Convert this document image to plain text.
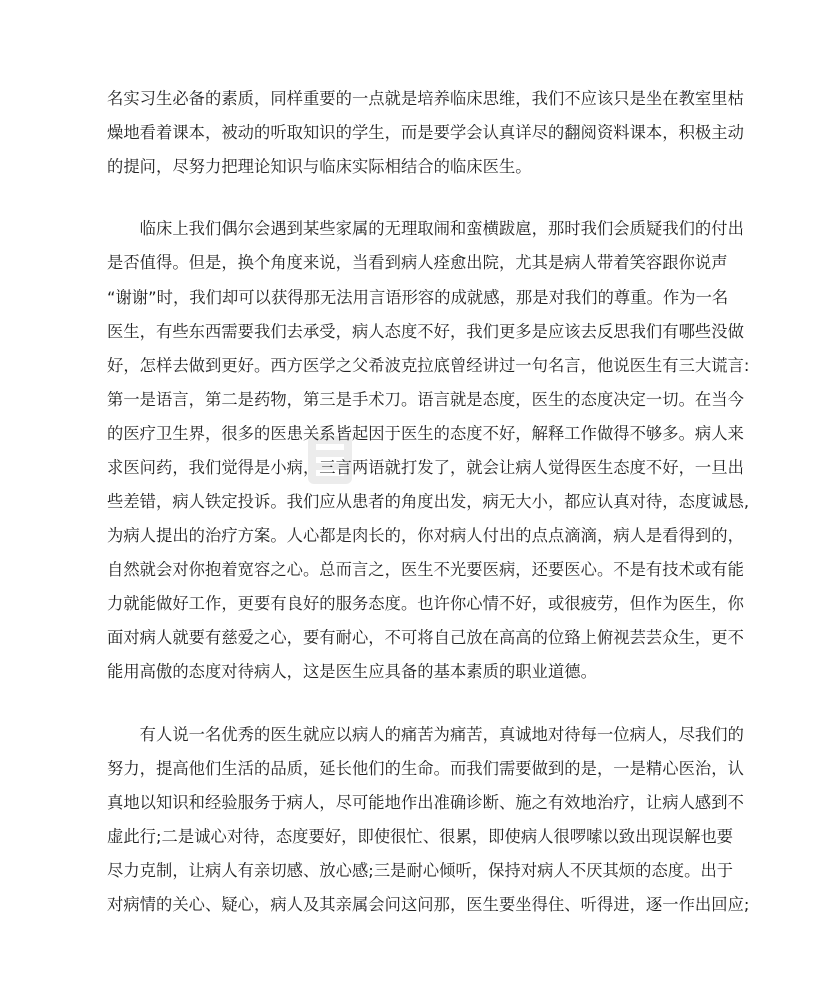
名实习生必备的素质，同样重要的一点就是培养临床思维，我们不应该只是坐在教室里枯
燥地看着课本，被动的听取知识的学生，而是要学会认真详尽的翻阅资料课本，积极主动
的提问，尽努力把理论知识与临床实际相结合的临床医生。
　　临床上我们偶尔会遇到某些家属的无理取闹和蛮横跋扈，那时我们会质疑我们的付出
是否值得。但是，换个角度来说，当看到病人痊愈出院，尤其是病人带着笑容跟你说声
“谢谢”时，我们却可以获得那无法用言语形容的成就感，那是对我们的尊重。作为一名
医生，有些东西需要我们去承受，病人态度不好，我们更多是应该去反思我们有哪些没做
好，怎样去做到更好。西方医学之父希波克拉底曾经讲过一句名言，他说医生有三大谎言:
第一是语言，第二是药物，第三是手术刀。语言就是态度，医生的态度决定一切。在当今
的医疗卫生界，很多的医患关系皆起因于医生的态度不好，解释工作做得不够多。病人来
求医问药，我们觉得是小病，三言两语就打发了，就会让病人觉得医生态度不好，一旦出
些差错，病人铁定投诉。我们应从患者的角度出发，病无大小，都应认真对待，态度诚恳,
为病人提出的治疗方案。人心都是肉长的，你对病人付出的点点滴滴，病人是看得到的，
自然就会对你抱着宽容之心。总而言之，医生不光要医病，还要医心。不是有技术或有能
力就能做好工作，更要有良好的服务态度。也许你心情不好，或很疲劳，但作为医生，你
面对病人就要有慈爱之心，要有耐心，不可将自己放在高高的位臵上俯视芸芸众生，更不
能用高傲的态度对待病人，这是医生应具备的基本素质的职业道德。
　　有人说一名优秀的医生就应以病人的痛苦为痛苦，真诚地对待每一位病人，尽我们的
努力，提高他们生活的品质，延长他们的生命。而我们需要做到的是，一是精心医治，认
真地以知识和经验服务于病人，尽可能地作出准确诊断、施之有效地治疗，让病人感到不
虚此行;二是诚心对待，态度要好，即使很忙、很累，即使病人很啰嗦以致出现误解也要
尽力克制，让病人有亲切感、放心感;三是耐心倾听，保持对病人不厌其烦的态度。出于
对病情的关心、疑心，病人及其亲属会问这问那，医生要坐得住、听得进，逐一作出回应;
